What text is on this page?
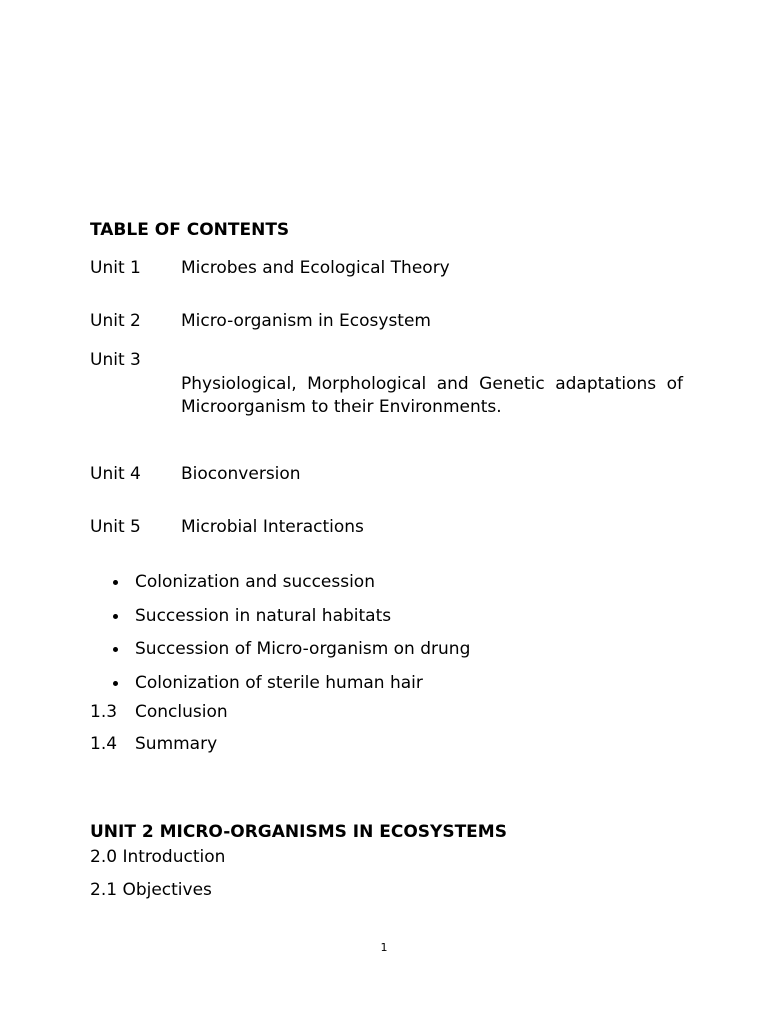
TABLE OF CONTENTS
Unit 1 Microbes and Ecological Theory
Unit 2 Micro-organism in Ecosystem
Unit 3
Physiological, Morphological and Genetic adaptations of Microorganism to their Environments.
Unit 4 Bioconversion
Unit 5 Microbial Interactions
Colonization and succession
Succession in natural habitats
Succession of Micro-organism on drung
Colonization of sterile human hair
1.3 Conclusion
1.4 Summary
UNIT 2 MICRO-ORGANISMS IN ECOSYSTEMS
2.0 Introduction
2.1 Objectives
1
